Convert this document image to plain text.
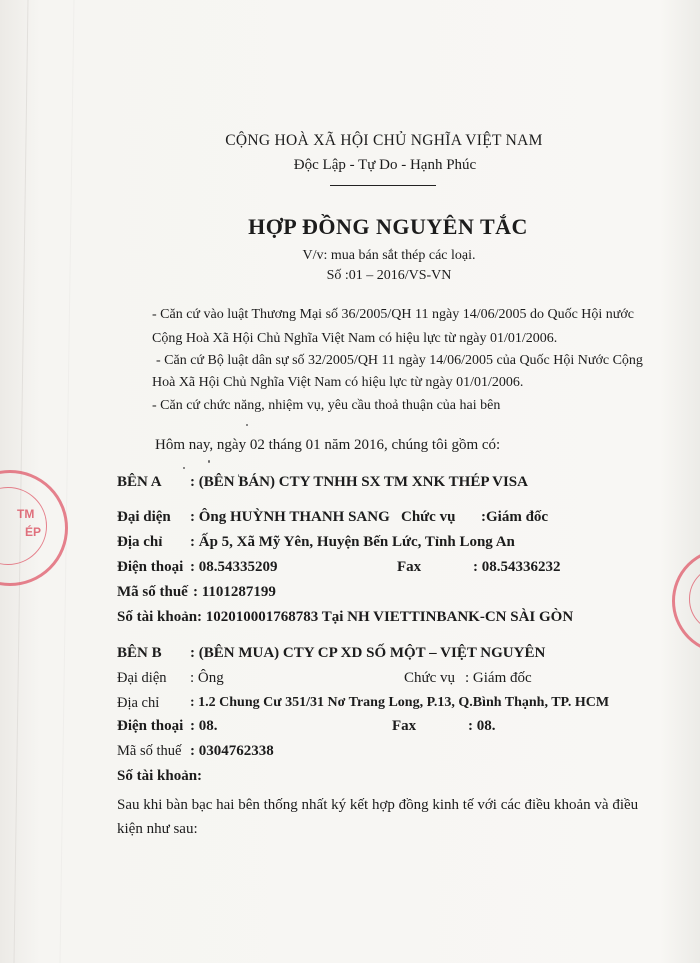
TM
ÉP
CỘNG HOÀ XÃ HỘI CHỦ NGHĨA VIỆT NAM
Độc Lập - Tự Do - Hạnh Phúc
HỢP ĐỒNG NGUYÊN TẮC
V/v: mua bán sắt thép các loại.
Số :01 – 2016/VS-VN
- Căn cứ vào luật Thương Mại số 36/2005/QH 11 ngày 14/06/2005 do Quốc Hội nước
Cộng Hoà Xã Hội Chủ Nghĩa Việt Nam có hiệu lực từ ngày 01/01/2006.
- Căn cứ Bộ luật dân sự số 32/2005/QH 11 ngày 14/06/2005 của Quốc Hội Nước Cộng
Hoà Xã Hội Chủ Nghĩa Việt Nam có hiệu lực từ ngày 01/01/2006.
- Căn cứ chức năng, nhiệm vụ, yêu cầu thoả thuận của hai bên
Hôm nay, ngày 02 tháng 01 năm 2016, chúng tôi gồm có:
BÊN A : (BÊN BÁN) CTY TNHH SX TM XNK THÉP VISA
Đại diện : Ông HUỲNH THANH SANG Chức vụ :Giám đốc
Địa chỉ : Ấp 5, Xã Mỹ Yên, Huyện Bến Lức, Tỉnh Long An
Điện thoại : 08.54335209	Fax	: 08.54336232
Mã số thuế : 1101287199
Số tài khoản : 102010001768783 Tại NH VIETTINBANK-CN SÀI GÒN
BÊN B : (BÊN MUA) CTY CP XD SỐ MỘT – VIỆT NGUYÊN
Đại diện : Ông	Chức vụ : Giám đốc
Địa chỉ : 1.2 Chung Cư 351/31 Nơ Trang Long, P.13, Q.Bình Thạnh, TP. HCM
Điện thoại : 08.	Fax	: 08.
Mã số thuế : 0304762338
Số tài khoản:
Sau khi bàn bạc hai bên thống nhất ký kết hợp đồng kinh tế với các điều khoản và điều
kiện như sau:
